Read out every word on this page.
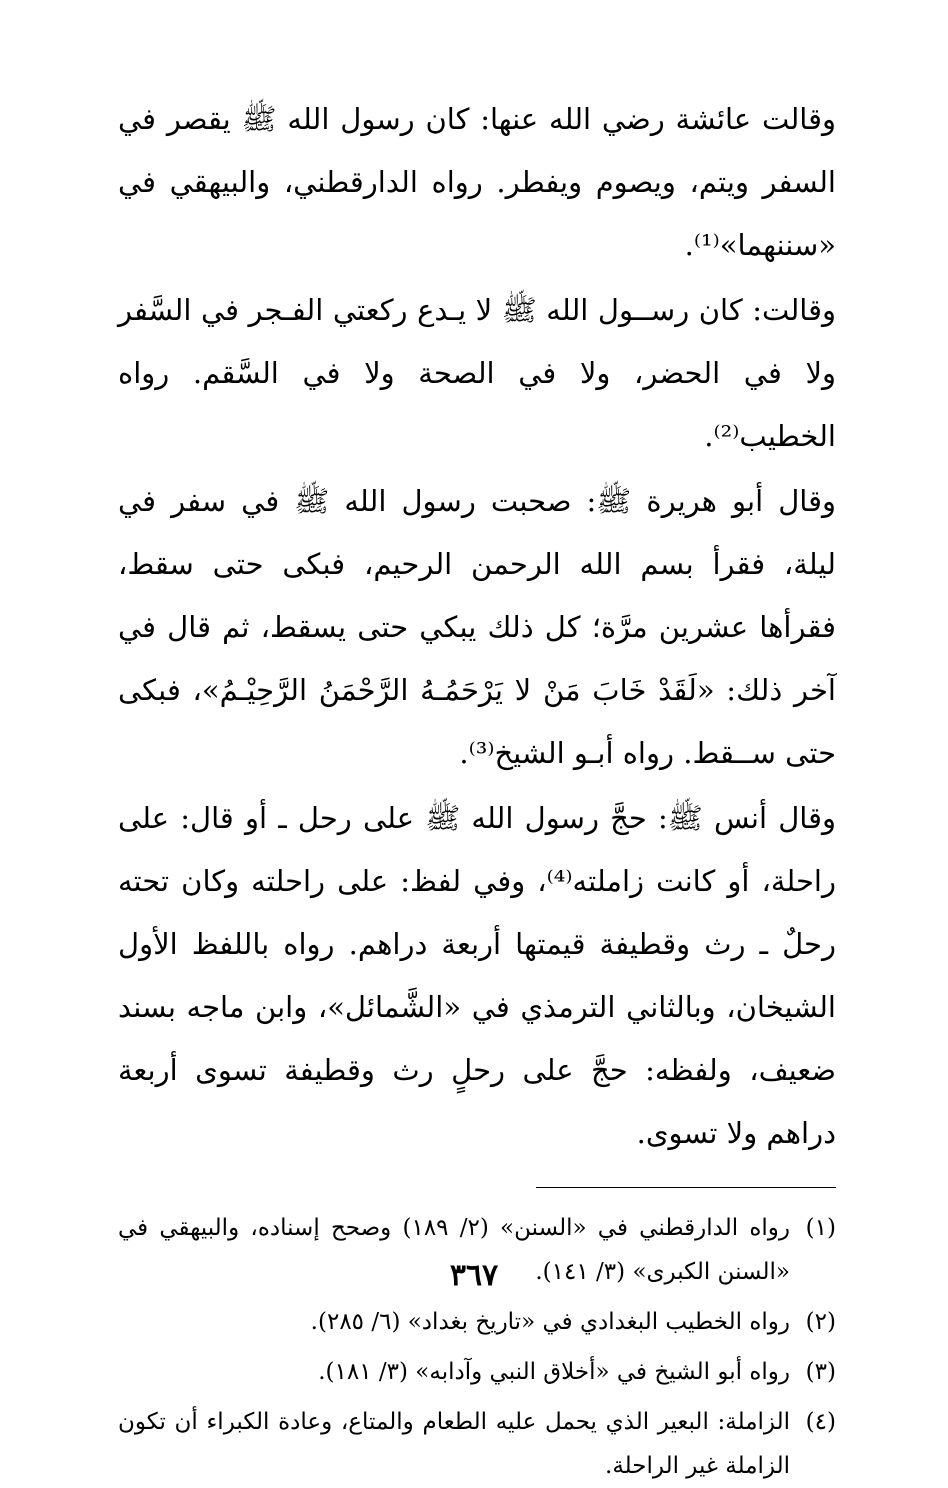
وقالت عائشة رضي الله عنها: كان رسول الله ﷺ يقصر في السفر ويتم، ويصوم ويفطر. رواه الدارقطني، والبيهقي في «سننهما»⁽¹⁾.

وقالت: كان رســول الله ﷺ لا يـدع ركعتي الفـجر في السَّفر ولا في الحضر، ولا في الصحة ولا في السَّقم. رواه الخطيب⁽²⁾.

وقال أبو هريرة ﷺ: صحبت رسول الله ﷺ في سفر في ليلة، فقرأ بسم الله الرحمن الرحيم، فبكى حتى سقط، فقرأها عشرين مرَّة؛ كل ذلك يبكي حتى يسقط، ثم قال في آخر ذلك: «لَقَدْ خَابَ مَنْ لا يَرْحَمُـهُ الرَّحْمَنُ الرَّحِيْـمُ»، فبكى حتى ســقط. رواه أبـو الشيخ⁽³⁾.

وقال أنس ﷺ: حجَّ رسول الله ﷺ على رحل ـ أو قال: على راحلة، أو كانت زاملته⁽⁴⁾، وفي لفظ: على راحلته وكان تحته رحلٌ ـ رث وقطيفة قيمتها أربعة دراهم. رواه باللفظ الأول الشيخان، وبالثاني الترمذي في «الشَّمائل»، وابن ماجه بسند ضعيف، ولفظه: حجَّ على رحلٍ رث وقطيفة تسوى أربعة دراهم ولا تسوى.

(١)
رواه الدارقطني في «السنن» (٢/ ١٨٩) وصحح إسناده، والبيهقي في «السنن الكبرى» (٣/ ١٤١).
(٢)
رواه الخطيب البغدادي في «تاريخ بغداد» (٦/ ٢٨٥).
(٣)
رواه أبو الشيخ في «أخلاق النبي وآدابه» (٣/ ١٨١).
(٤)
الزاملة: البعير الذي يحمل عليه الطعام والمتاع، وعادة الكبراء أن تكون الزاملة غير الراحلة.
٣٦٧
